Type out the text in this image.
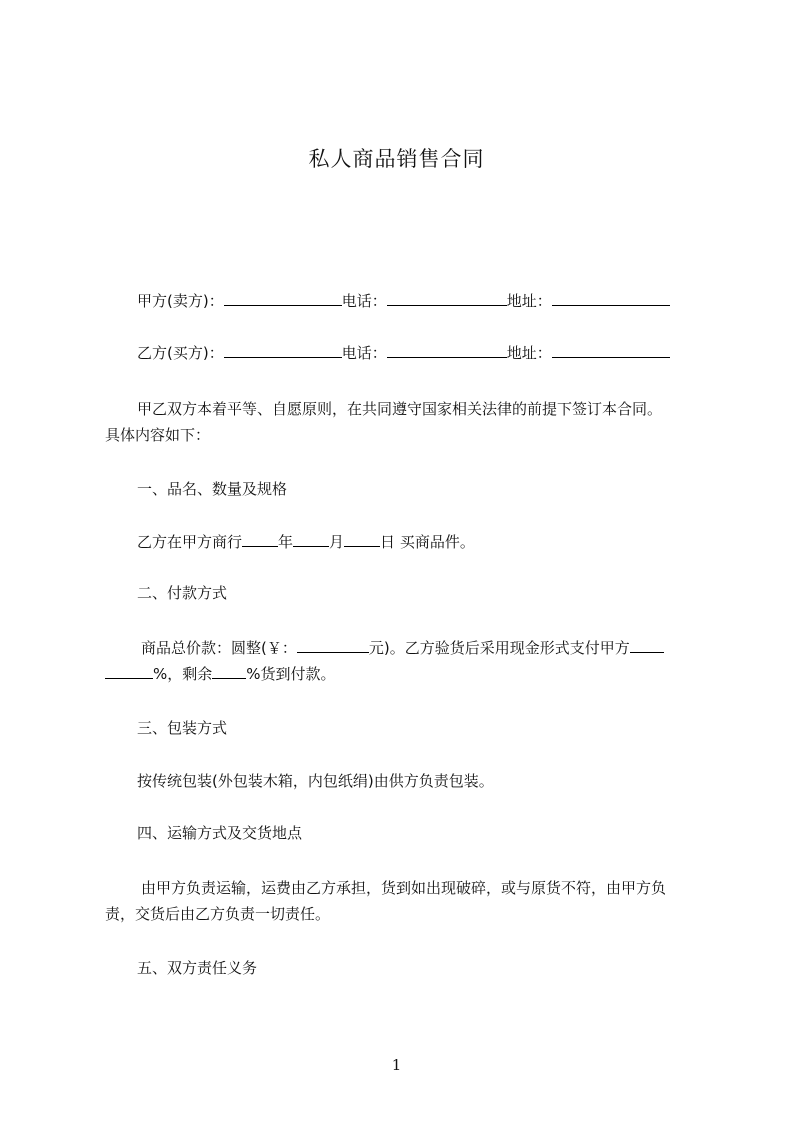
私人商品销售合同
甲方(卖方)：	电话：	地址：
乙方(买方)：	电话：	地址：
甲乙双方本着平等、自愿原则，在共同遵守国家相关法律的前提下签订本合同。
具体内容如下：
一、品名、数量及规格
乙方在甲方商行 年 月 日 买商品件。
二、付款方式
商品总价款：圆整(￥：	元)。乙方验货后采用现金形式支付甲方
%，剩余 %货到付款。
三、包装方式
按传统包装(外包装木箱，内包纸绢)由供方负责包装。
四、运输方式及交货地点
由甲方负责运输，运费由乙方承担，货到如出现破碎，或与原货不符，由甲方负
责，交货后由乙方负责一切责任。
五、双方责任义务
1
